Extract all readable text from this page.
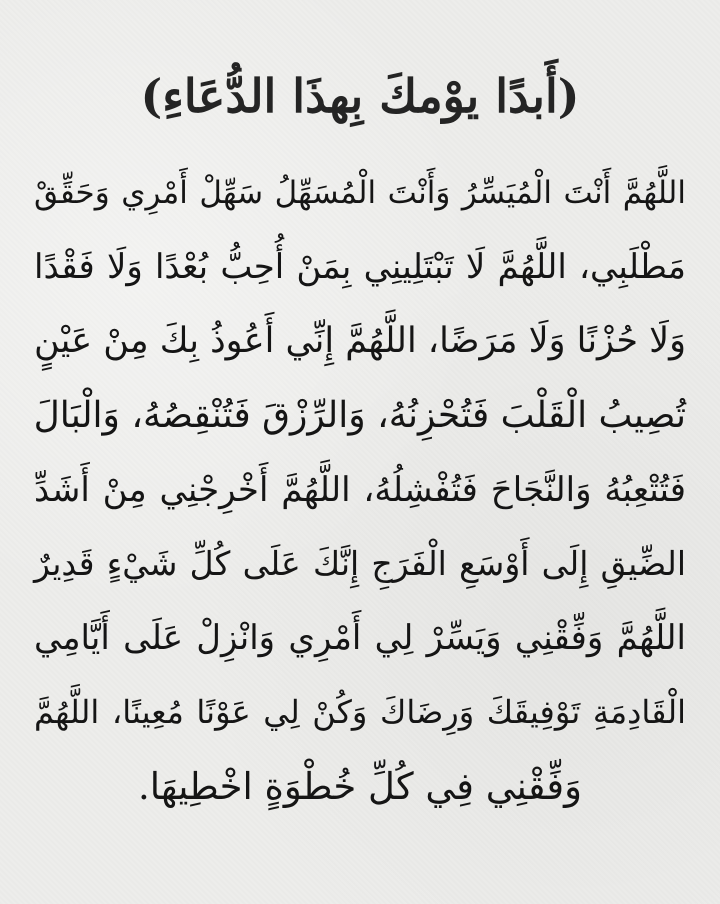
(أَبدًا يوْمكَ بِهذَا الدُّعَاءِ)
اللَّهُمَّ أَنْتَ الْمُيَسِّرُ وَأَنْتَ الْمُسَهِّلُ سَهِّلْ أَمْرِي وَحَقِّقْ
مَطْلَبِي، اللَّهُمَّ لَا تَبْتَلِينِي بِمَنْ أُحِبُّ بُعْدًا وَلَا فَقْدًا
وَلَا حُزْنًا وَلَا مَرَضًا، اللَّهُمَّ إِنِّي أَعُوذُ بِكَ مِنْ عَيْنٍ
تُصِيبُ الْقَلْبَ فَتُحْزِنُهُ، وَالرِّزْقَ فَتُنْقِصُهُ، وَالْبَالَ
فَتُتْعِبُهُ وَالنَّجَاحَ فَتُفْشِلُهُ، اللَّهُمَّ أَخْرِجْنِي مِنْ أَشَدِّ
الضِّيقِ إِلَى أَوْسَعِ الْفَرَجِ إِنَّكَ عَلَى كُلِّ شَيْءٍ قَدِيرٌ
اللَّهُمَّ وَفِّقْنِي وَيَسِّرْ لِي أَمْرِي وَانْزِلْ عَلَى أَيَّامِي
الْقَادِمَةِ تَوْفِيقَكَ وَرِضَاكَ وَكُنْ لِي عَوْنًا مُعِينًا، اللَّهُمَّ
وَفِّقْنِي فِي كُلِّ خُطْوَةٍ اخْطِيهَا.
